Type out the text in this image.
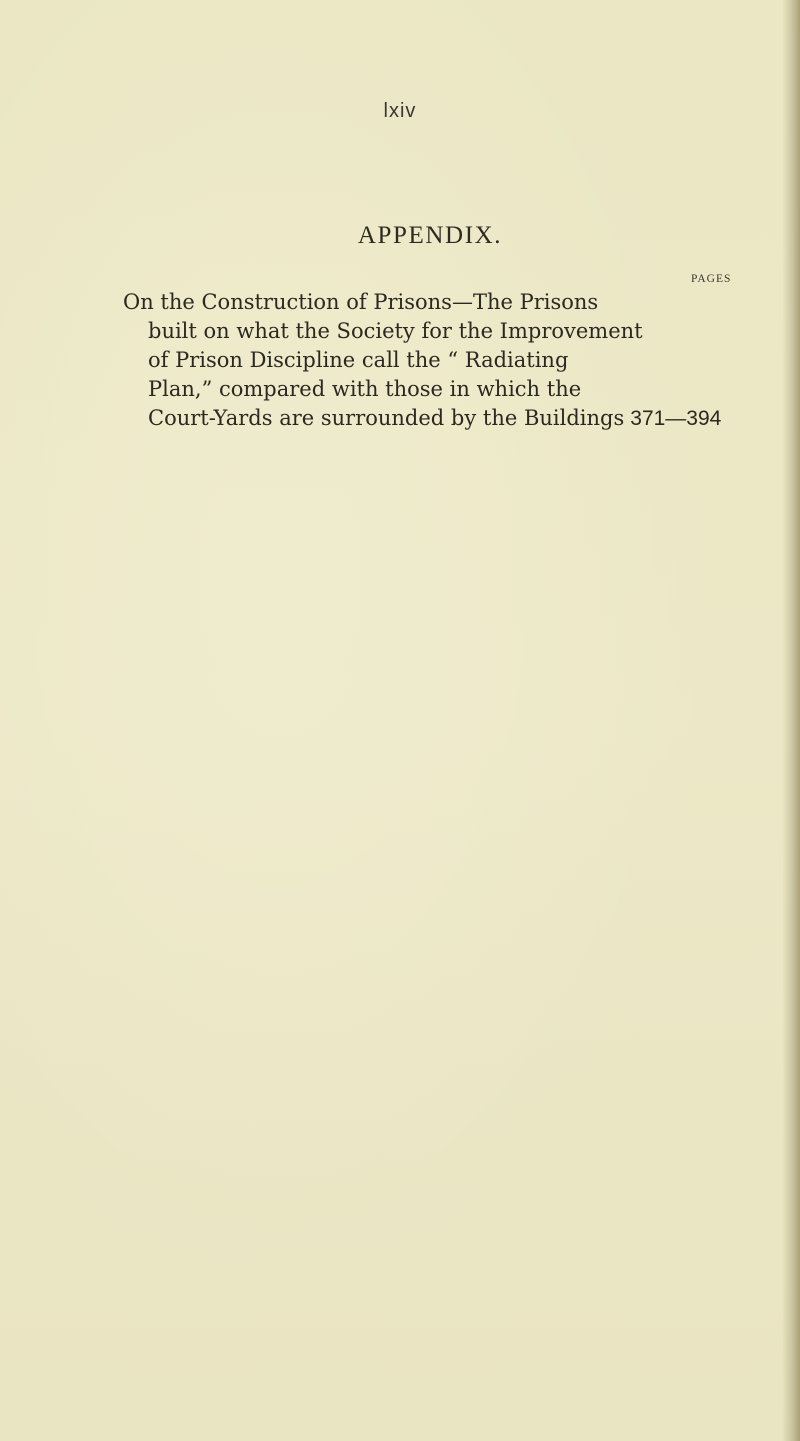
lxiv
APPENDIX.
PAGES
On the Construction of Prisons—The Prisons
built on what the Society for the Improvement
of Prison Discipline call the “ Radiating
Plan,” compared with those in which the
Court-Yards are surrounded by the Buildings 371—394
